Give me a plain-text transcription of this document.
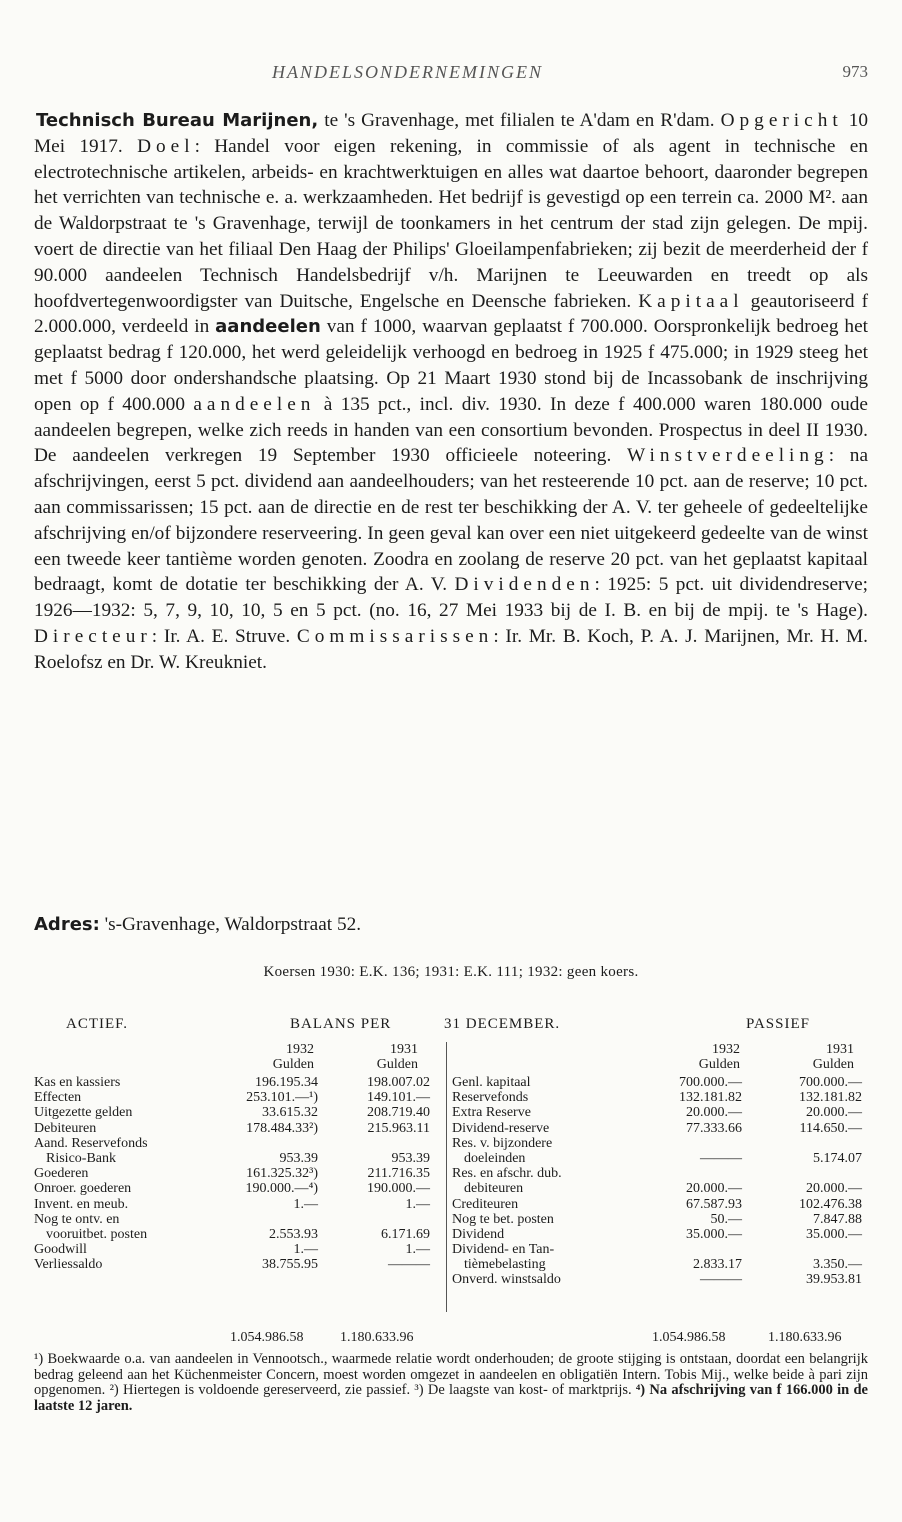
HANDELSONDERNEMINGEN	973
Technisch Bureau Marijnen, te 's Gravenhage, met filialen te A'dam en R'dam. Opgericht 10 Mei 1917. Doel: Handel voor eigen rekening, in commissie of als agent in technische en electrotechnische artikelen, arbeids- en krachtwerktuigen en alles wat daartoe behoort, daaronder begrepen het verrichten van technische e. a. werkzaamheden. Het bedrijf is gevestigd op een terrein ca. 2000 M². aan de Waldorpstraat te 's Gravenhage, terwijl de toonkamers in het centrum der stad zijn gelegen. De mpij. voert de directie van het filiaal Den Haag der Philips' Gloeilampenfabrieken; zij bezit de meerderheid der f 90.000 aandeelen Technisch Handelsbedrijf v/h. Marijnen te Leeuwarden en treedt op als hoofdvertegenwoordigster van Duitsche, Engelsche en Deensche fabrieken. Kapitaal geautoriseerd f 2.000.000, verdeeld in aandeelen van f 1000, waarvan geplaatst f 700.000. Oorspronkelijk bedroeg het geplaatst bedrag f 120.000, het werd geleidelijk verhoogd en bedroeg in 1925 f 475.000; in 1929 steeg het met f 5000 door ondershandsche plaatsing. Op 21 Maart 1930 stond bij de Incassobank de inschrijving open op f 400.000 aandeelen à 135 pct., incl. div. 1930. In deze f 400.000 waren 180.000 oude aandeelen begrepen, welke zich reeds in handen van een consortium bevonden. Prospectus in deel II 1930. De aandeelen verkregen 19 September 1930 officieele noteering. Winstverdeeling: na afschrijvingen, eerst 5 pct. dividend aan aandeelhouders; van het resteerende 10 pct. aan de reserve; 10 pct. aan commissarissen; 15 pct. aan de directie en de rest ter beschikking der A. V. ter geheele of gedeeltelijke afschrijving en/of bijzondere reserveering. In geen geval kan over een niet uitgekeerd gedeelte van de winst een tweede keer tantième worden genoten. Zoodra en zoolang de reserve 20 pct. van het geplaatst kapitaal bedraagt, komt de dotatie ter beschikking der A. V. Dividenden: 1925: 5 pct. uit dividendreserve; 1926—1932: 5, 7, 9, 10, 10, 5 en 5 pct. (no. 16, 27 Mei 1933 bij de I. B. en bij de mpij. te 's Hage). Directeur: Ir. A. E. Struve. Commissarissen: Ir. Mr. B. Koch, P. A. J. Marijnen, Mr. H. M. Roelofsz en Dr. W. Kreukniet.
Adres: 's-Gravenhage, Waldorpstraat 52.
Koersen 1930: E.K. 136; 1931: E.K. 111; 1932: geen koers.
ACTIEF.	BALANS PER	31 DECEMBER.	PASSIEF
1932	1931
Gulden	Gulden
1932	1931
Gulden	Gulden
Kas en kassiers	196.195.34	198.007.02
Effecten	253.101.—¹)	149.101.—
Uitgezette gelden	33.615.32	208.719.40
Debiteuren	178.484.33²)	215.963.11
Aand. Reservefonds
Risico-Bank	953.39	953.39
Goederen	161.325.32³)	211.716.35
Onroer. goederen	190.000.—⁴)	190.000.—
Invent. en meub.	1.—	1.—
Nog te ontv. en
vooruitbet. posten	2.553.93	6.171.69
Goodwill	1.—	1.—
Verliessaldo	38.755.95	———
Genl. kapitaal	700.000.—	700.000.—
Reservefonds	132.181.82	132.181.82
Extra Reserve	20.000.—	20.000.—
Dividend-reserve	77.333.66	114.650.—
Res. v. bijzondere
doeleinden	———	5.174.07
Res. en afschr. dub.
debiteuren	20.000.—	20.000.—
Crediteuren	67.587.93	102.476.38
Nog te bet. posten	50.—	7.847.88
Dividend	35.000.—	35.000.—
Dividend- en Tan-
tièmebelasting	2.833.17	3.350.—
Onverd. winstsaldo	———	39.953.81
1.054.986.58	1.180.633.96	1.054.986.58	1.180.633.96
¹) Boekwaarde o.a. van aandeelen in Vennootsch., waarmede relatie wordt onderhouden; de groote stijging is ontstaan, doordat een belangrijk bedrag geleend aan het Küchenmeister Concern, moest worden omgezet in aandeelen en obligatiën Intern. Tobis Mij., welke beide à pari zijn opgenomen. ²) Hiertegen is voldoende gereserveerd, zie passief. ³) De laagste van kost- of marktprijs. ⁴) Na afschrijving van f 166.000 in de laatste 12 jaren.
